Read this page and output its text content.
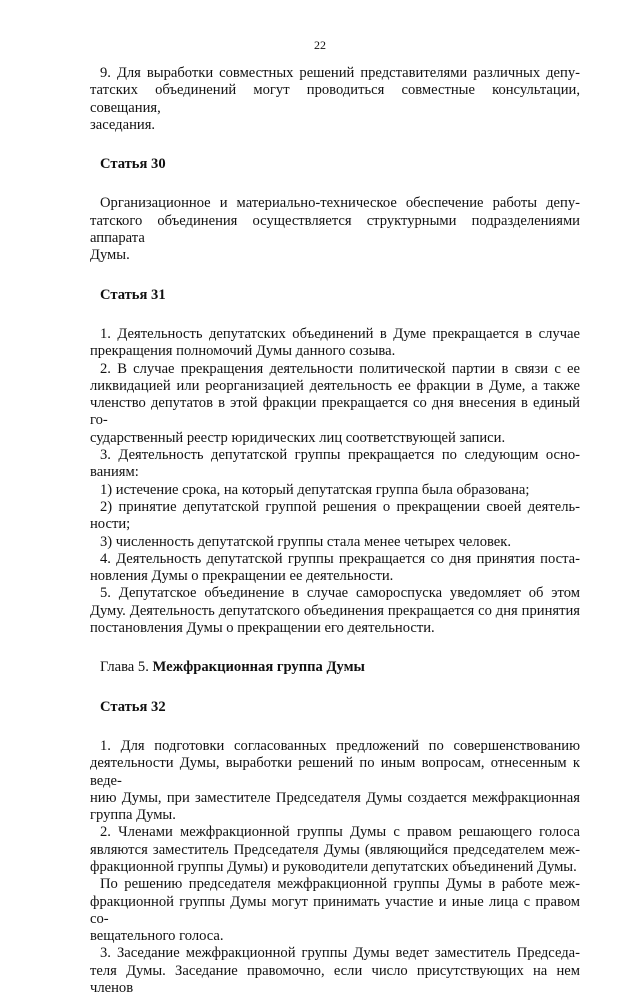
22
9. Для выработки совместных решений представителями различных депу-
татских объединений могут проводиться совместные консультации, совещания,
заседания.
Статья 30
Организационное и материально-техническое обеспечение работы депу-
татского объединения осуществляется структурными подразделениями аппарата
Думы.
Статья 31
1. Деятельность депутатских объединений в Думе прекращается в случае
прекращения полномочий Думы данного созыва.
2. В случае прекращения деятельности политической партии в связи с ее
ликвидацией или реорганизацией деятельность ее фракции в Думе, а также
членство депутатов в этой фракции прекращается со дня внесения в единый го-
сударственный реестр юридических лиц соответствующей записи.
3. Деятельность депутатской группы прекращается по следующим осно-
ваниям:
1) истечение срока, на который депутатская группа была образована;
2) принятие депутатской группой решения о прекращении своей деятель-
ности;
3) численность депутатской группы стала менее четырех человек.
4. Деятельность депутатской группы прекращается со дня принятия поста-
новления Думы о прекращении ее деятельности.
5. Депутатское объединение в случае самороспуска уведомляет об этом
Думу. Деятельность депутатского объединения прекращается со дня принятия
постановления Думы о прекращении его деятельности.
Глава 5. Межфракционная группа Думы
Статья 32
1. Для подготовки согласованных предложений по совершенствованию
деятельности Думы, выработки решений по иным вопросам, отнесенным к веде-
нию Думы, при заместителе Председателя Думы создается межфракционная
группа Думы.
2. Членами межфракционной группы Думы с правом решающего голоса
являются заместитель Председателя Думы (являющийся председателем меж-
фракционной группы Думы) и руководители депутатских объединений Думы.
По решению председателя межфракционной группы Думы в работе меж-
фракционной группы Думы могут принимать участие и иные лица с правом со-
вещательного голоса.
3. Заседание межфракционной группы Думы ведет заместитель Председа-
теля Думы. Заседание правомочно, если число присутствующих на нем членов
